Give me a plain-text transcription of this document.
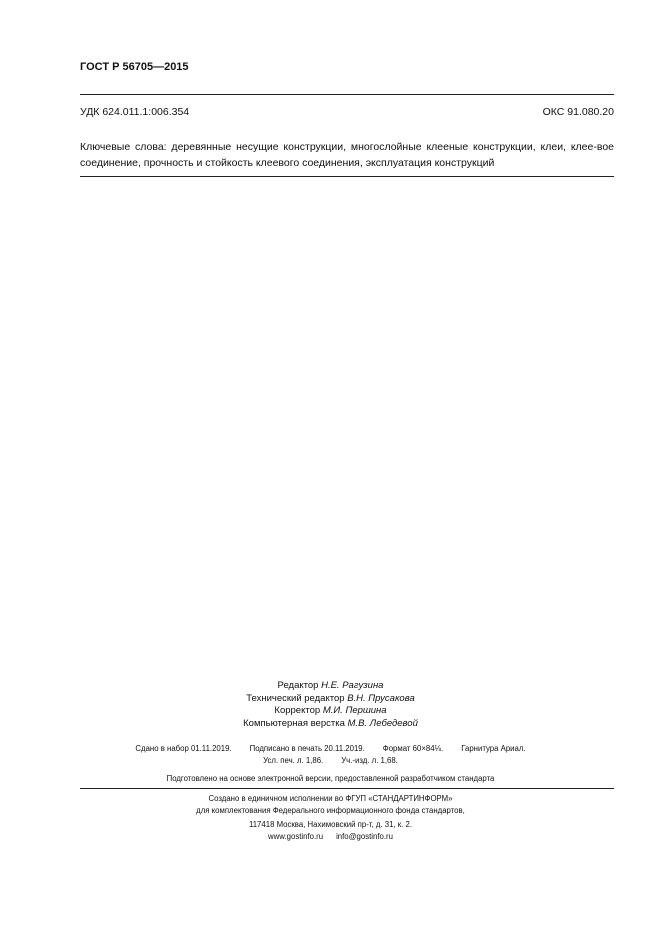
ГОСТ Р 56705—2015
УДК 624.011.1:006.354	ОКС 91.080.20
Ключевые слова: деревянные несущие конструкции, многослойные клееные конструкции, клеи, клее-вое соединение, прочность и стойкость клеевого соединения, эксплуатация конструкций
Редактор Н.Е. Рагузина
Технический редактор В.Н. Прусакова
Корректор М.И. Першина
Компьютерная верстка М.В. Лебедевой
Сдано в набор 01.11.2019. Подписано в печать 20.11.2019. Формат 60×84⅛. Гарнитура Ариал.
Усл. печ. л. 1,86. Уч.-изд. л. 1,68.
Подготовлено на основе электронной версии, предоставленной разработчиком стандарта
Создано в единичном исполнении во ФГУП «СТАНДАРТИНФОРМ»
для комплектования Федерального информационного фонда стандартов,
117418 Москва, Нахимовский пр-т, д. 31, к. 2.
www.gostinfo.ru info@gostinfo.ru
